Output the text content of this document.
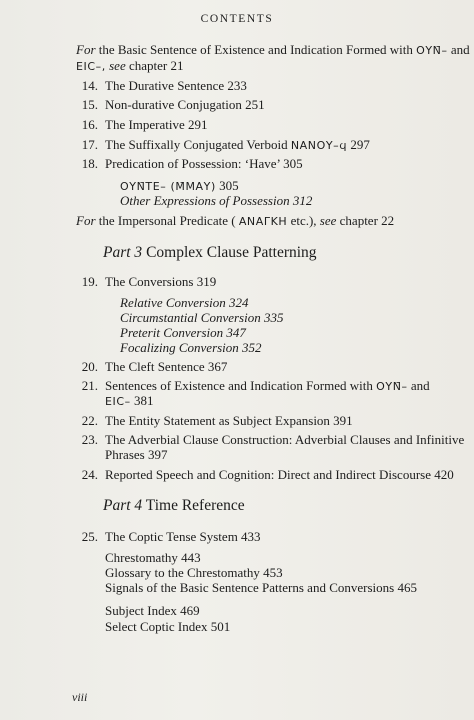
CONTENTS
For the Basic Sentence of Existence and Indication Formed with ΟΥΝ̄– and
ΕΙϹ–, see chapter 21
14. The Durative Sentence 233
15. Non-durative Conjugation 251
16. The Imperative 291
17. The Suffixally Conjugated Verboid ΝΑΝΟΥ–ϥ 297
18. Predication of Possession: ‘Have’ 305
ΟΥΝ̄ΤΕ– (Μ̄ΜΑΥ) 305
Other Expressions of Possession 312
For the Impersonal Predicate ( ΑΝΑΓΚΗ etc.), see chapter 22
Part 3 Complex Clause Patterning
19. The Conversions 319
Relative Conversion 324
Circumstantial Conversion 335
Preterit Conversion 347
Focalizing Conversion 352
20. The Cleft Sentence 367
21. Sentences of Existence and Indication Formed with ΟΥΝ̄– and
ΕΙϹ– 381
22. The Entity Statement as Subject Expansion 391
23. The Adverbial Clause Construction: Adverbial Clauses and Infinitive
Phrases 397
24. Reported Speech and Cognition: Direct and Indirect Discourse 420
Part 4 Time Reference
25. The Coptic Tense System 433
Chrestomathy 443
Glossary to the Chrestomathy 453
Signals of the Basic Sentence Patterns and Conversions 465
Subject Index 469
Select Coptic Index 501
viii
